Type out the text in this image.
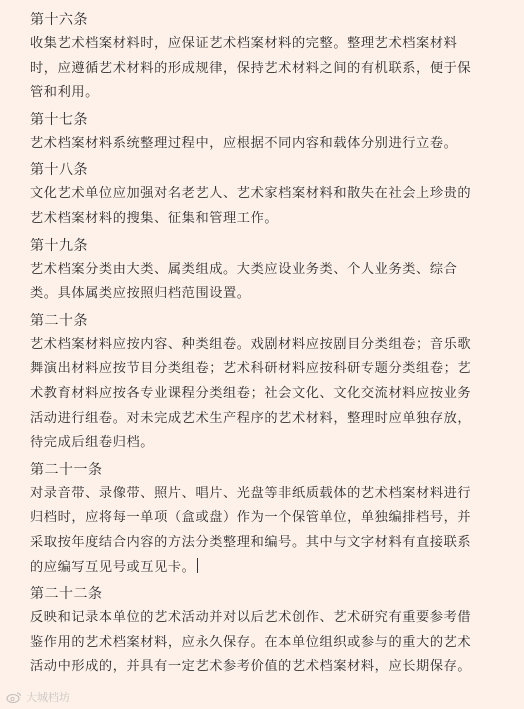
第十六条
收集艺术档案材料时，应保证艺术档案材料的完整。整理艺术档案材料
时，应遵循艺术材料的形成规律，保持艺术材料之间的有机联系，便于保
管和利用。
第十七条
艺术档案材料系统整理过程中，应根据不同内容和载体分别进行立卷。
第十八条
文化艺术单位应加强对名老艺人、艺术家档案材料和散失在社会上珍贵的
艺术档案材料的搜集、征集和管理工作。
第十九条
艺术档案分类由大类、属类组成。大类应设业务类、个人业务类、综合
类。具体属类应按照归档范围设置。
第二十条
艺术档案材料应按内容、种类组卷。戏剧材料应按剧目分类组卷；音乐歌
舞演出材料应按节目分类组卷；艺术科研材料应按科研专题分类组卷；艺
术教育材料应按各专业课程分类组卷；社会文化、文化交流材料应按业务
活动进行组卷。对未完成艺术生产程序的艺术材料，整理时应单独存放，
待完成后组卷归档。
第二十一条
对录音带、录像带、照片、唱片、光盘等非纸质载体的艺术档案材料进行
归档时，应将每一单项（盒或盘）作为一个保管单位，单独编排档号，并
采取按年度结合内容的方法分类整理和编号。其中与文字材料有直接联系
的应编写互见号或互见卡。
第二十二条
反映和记录本单位的艺术活动并对以后艺术创作、艺术研究有重要参考借
鉴作用的艺术档案材料，应永久保存。在本单位组织或参与的重大的艺术
活动中形成的，并具有一定艺术参考价值的艺术档案材料，应长期保存。
大城档坊
